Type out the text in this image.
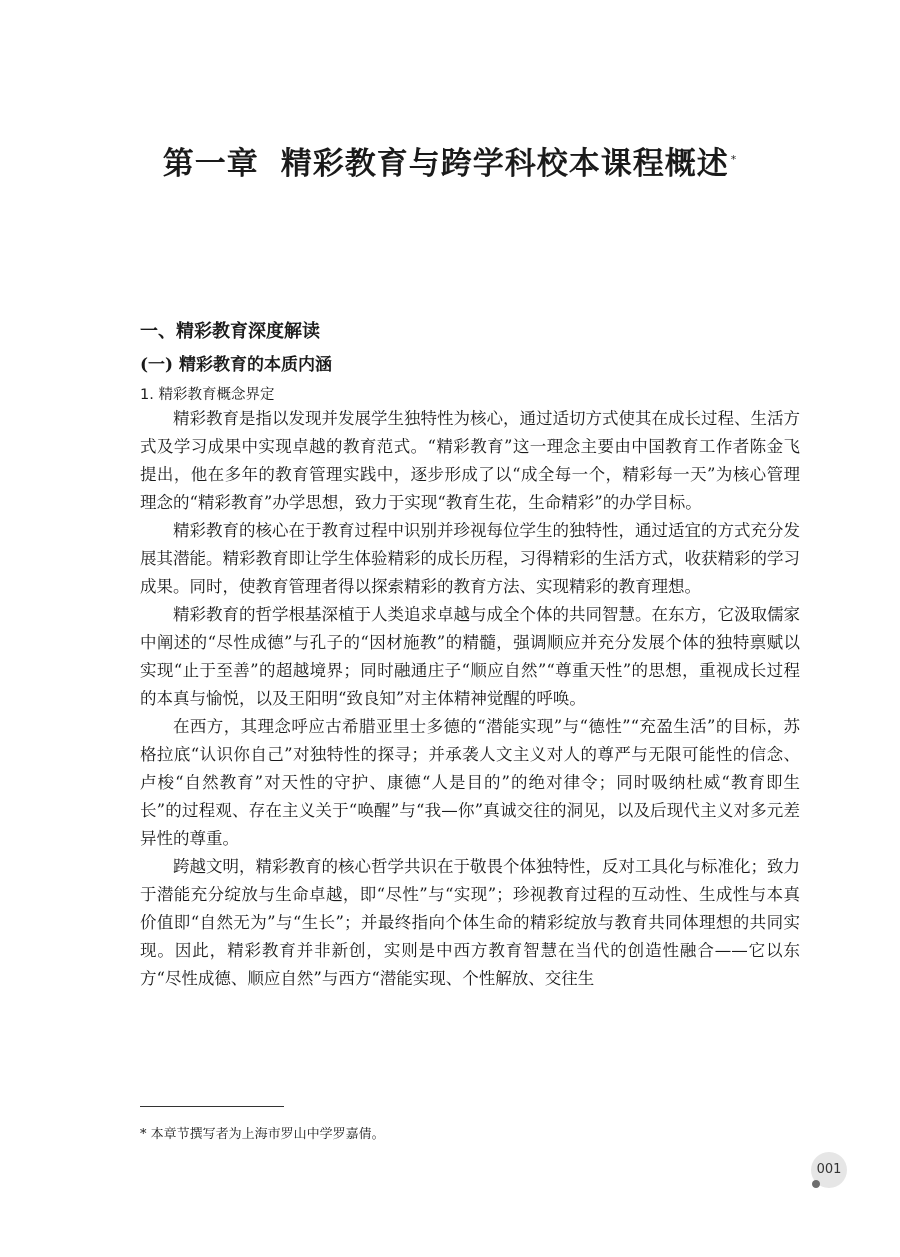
第一章 精彩教育与跨学科校本课程概述 *
一、精彩教育深度解读
(一) 精彩教育的本质内涵
1. 精彩教育概念界定

精彩教育是指以发现并发展学生独特性为核心，通过适切方式使其在成长过程、生活方式及学习成果中实现卓越的教育范式。“精彩教育”这一理念主要由中国教育工作者陈金飞提出，他在多年的教育管理实践中，逐步形成了以“成全每一个，精彩每一天”为核心管理理念的“精彩教育”办学思想，致力于实现“教育生花，生命精彩”的办学目标。

精彩教育的核心在于教育过程中识别并珍视每位学生的独特性，通过适宜的方式充分发展其潜能。精彩教育即让学生体验精彩的成长历程，习得精彩的生活方式，收获精彩的学习成果。同时，使教育管理者得以探索精彩的教育方法、实现精彩的教育理想。

精彩教育的哲学根基深植于人类追求卓越与成全个体的共同智慧。在东方，它汲取儒家中阐述的“尽性成德”与孔子的“因材施教”的精髓，强调顺应并充分发展个体的独特禀赋以实现“止于至善”的超越境界；同时融通庄子“顺应自然”“尊重天性”的思想，重视成长过程的本真与愉悦，以及王阳明“致良知”对主体精神觉醒的呼唤。

在西方，其理念呼应古希腊亚里士多德的“潜能实现”与“德性”“充盈生活”的目标，苏格拉底“认识你自己”对独特性的探寻；并承袭人文主义对人的尊严与无限可能性的信念、卢梭“自然教育”对天性的守护、康德“人是目的”的绝对律令；同时吸纳杜威“教育即生长”的过程观、存在主义关于“唤醒”与“我—你”真诚交往的洞见，以及后现代主义对多元差异性的尊重。

跨越文明，精彩教育的核心哲学共识在于敬畏个体独特性，反对工具化与标准化；致力于潜能充分绽放与生命卓越，即“尽性”与“实现”；珍视教育过程的互动性、生成性与本真价值即“自然无为”与“生长”；并最终指向个体生命的精彩绽放与教育共同体理想的共同实现。因此，精彩教育并非新创，实则是中西方教育智慧在当代的创造性融合——它以东方“尽性成德、顺应自然”与西方“潜能实现、个性解放、交往生

* 本章节撰写者为上海市罗山中学罗嘉倩。
001
